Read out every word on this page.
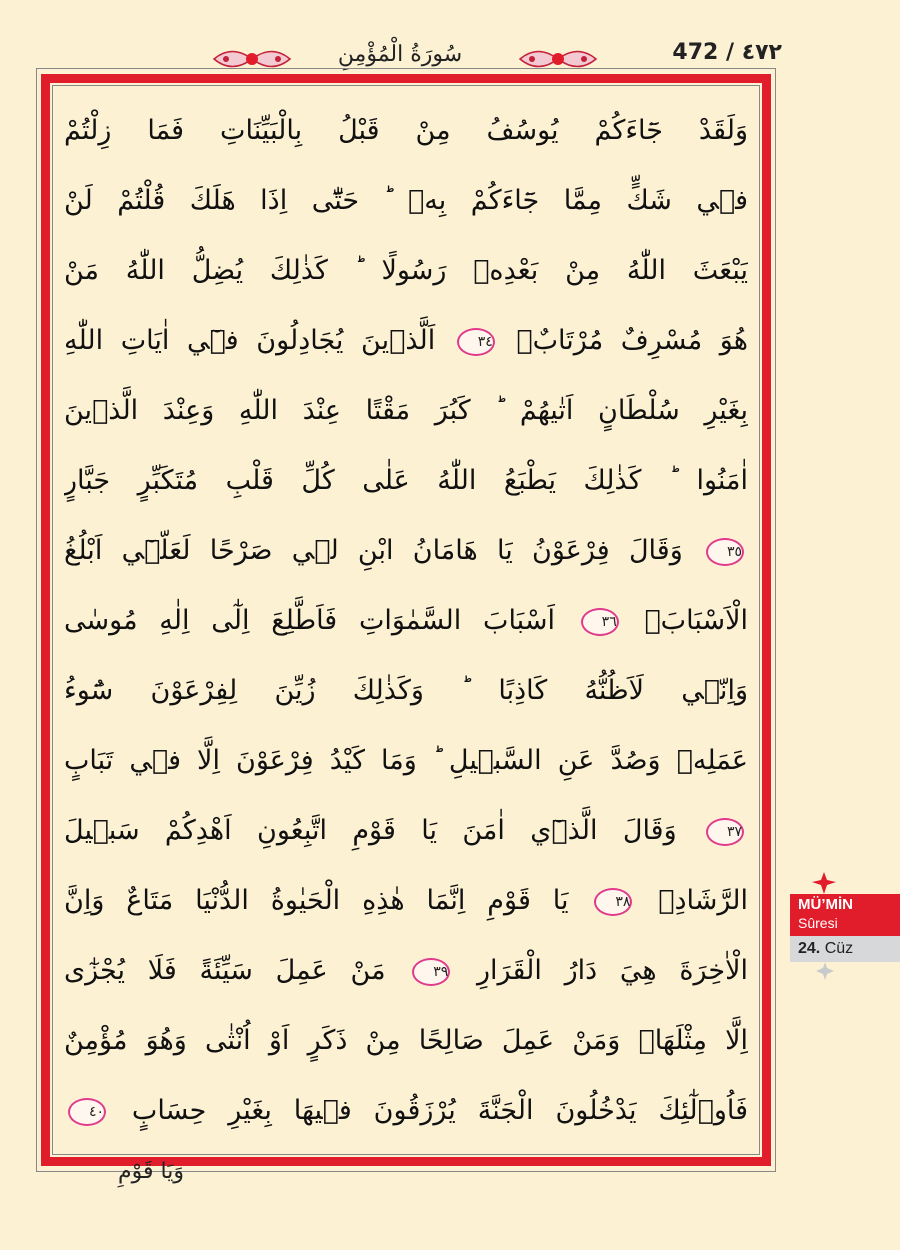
سُورَةُ الْمُؤْمِنِ	472 / ٤٧٢
وَلَقَدْ جَٓاءَكُمْ يُوسُفُ مِنْ قَبْلُ بِالْبَيِّنَاتِ فَمَا زِلْتُمْ
ف۪ي شَكٍّ مِمَّا جَٓاءَكُمْ بِه۪ ؕ حَتّٰٓى اِذَا هَلَكَ قُلْتُمْ لَنْ
يَبْعَثَ اللّٰهُ مِنْ بَعْدِه۪ رَسُولًا ؕ كَذٰلِكَ يُضِلُّ اللّٰهُ مَنْ
هُوَ مُسْرِفٌ مُرْتَابٌۚ ٣٤ اَلَّذ۪ينَ يُجَادِلُونَ ف۪ٓي اٰيَاتِ اللّٰهِ
بِغَيْرِ سُلْطَانٍ اَتٰيهُمْ ؕ كَبُرَ مَقْتًا عِنْدَ اللّٰهِ وَعِنْدَ الَّذ۪ينَ
اٰمَنُوا ؕ كَذٰلِكَ يَطْبَعُ اللّٰهُ عَلٰى كُلِّ قَلْبِ مُتَكَبِّرٍ جَبَّارٍ
٣٥ وَقَالَ فِرْعَوْنُ يَا هَامَانُ ابْنِ ل۪ي صَرْحًا لَعَلّ۪ٓي اَبْلُغُ
الْاَسْبَابَۙ ٣٦ اَسْبَابَ السَّمٰوَاتِ فَاَطَّلِعَ اِلٰٓى اِلٰهِ مُوسٰى
وَاِنّ۪ي لَاَظُنُّهُ كَاذِبًا ؕ وَكَذٰلِكَ زُيِّنَ لِفِرْعَوْنَ سُٓوءُ
عَمَلِه۪ وَصُدَّ عَنِ السَّب۪يلِ ؕ وَمَا كَيْدُ فِرْعَوْنَ اِلَّا ف۪ي تَبَابٍ
٣٧ وَقَالَ الَّذ۪ٓي اٰمَنَ يَا قَوْمِ اتَّبِعُونِ اَهْدِكُمْ سَب۪يلَ
الرَّشَادِۚ ٣٨ يَا قَوْمِ اِنَّمَا هٰذِهِ الْحَيٰوةُ الدُّنْيَا مَتَاعٌ وَاِنَّ
الْاٰخِرَةَ هِيَ دَارُ الْقَرَارِ ٣٩ مَنْ عَمِلَ سَيِّئَةً فَلَا يُجْزٰٓى
اِلَّا مِثْلَهَاۚ وَمَنْ عَمِلَ صَالِحًا مِنْ ذَكَرٍ اَوْ اُنْثٰى وَهُوَ مُؤْمِنٌ
فَاُو۬لٰٓئِكَ يَدْخُلُونَ الْجَنَّةَ يُرْزَقُونَ ف۪يهَا بِغَيْرِ حِسَابٍ ٤٠
وَيَا قَوْمِ
MÜ’MİN
Sûresi
24. Cüz
